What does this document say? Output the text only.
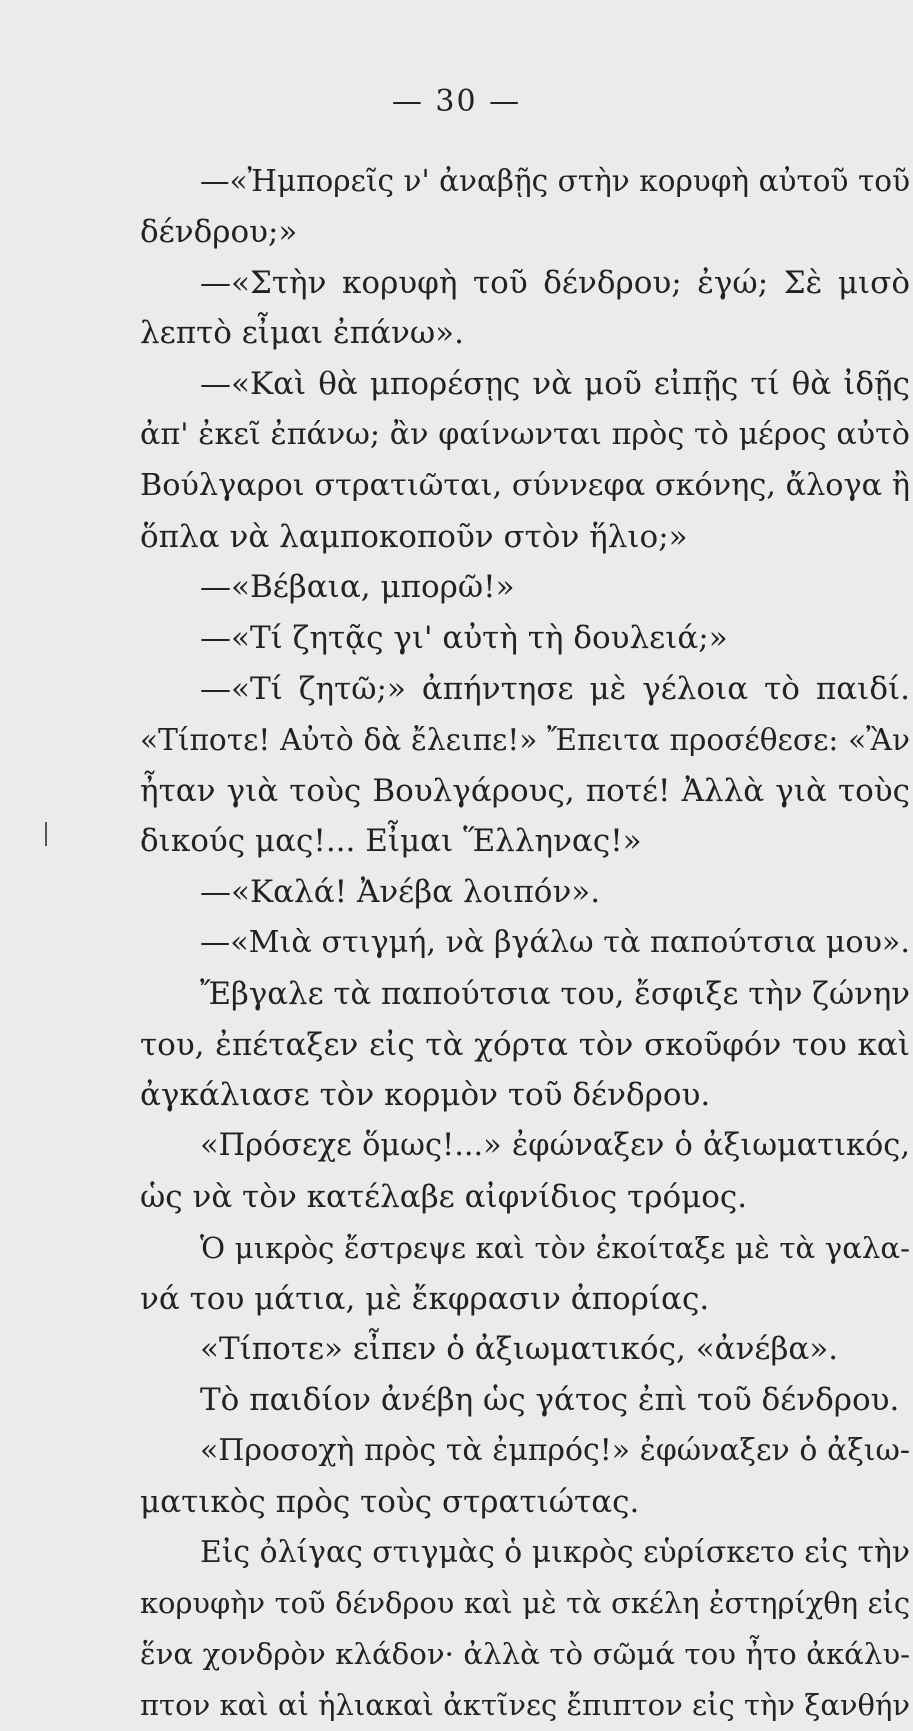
— 30 —
—«Ἠμπορεῖς ν' ἀναβῇς στὴν κορυφὴ αὐτοῦ τοῦ
δένδρου;»
—«Στὴν κορυφὴ τοῦ δένδρου; ἐγώ; Σὲ μισὸ
λεπτὸ εἶμαι ἐπάνω».
—«Καὶ θὰ μπορέσῃς νὰ μοῦ εἰπῇς τί θὰ ἰδῇς
ἀπ' ἐκεῖ ἐπάνω; ἂν φαίνωνται πρὸς τὸ μέρος αὐτὸ
Βούλγαροι στρατιῶται, σύννεφα σκόνης, ἄλογα ἢ
ὅπλα νὰ λαμποκοποῦν στὸν ἥλιο;»
—«Βέβαια, μπορῶ!»
—«Τί ζητᾷς γι' αὐτὴ τὴ δουλειά;»
—«Τί ζητῶ;» ἀπήντησε μὲ γέλοια τὸ παιδί.
«Τίποτε! Αὐτὸ δὰ ἔλειπε!» Ἔπειτα προσέθεσε: «Ἂν
ἦταν γιὰ τοὺς Βουλγάρους, ποτέ! Ἀλλὰ γιὰ τοὺς
δικούς μας!... Εἶμαι Ἕλληνας!»
—«Καλά! Ἀνέβα λοιπόν».
—«Μιὰ στιγμή, νὰ βγάλω τὰ παπούτσια μου».
Ἔβγαλε τὰ παπούτσια του, ἔσφιξε τὴν ζώνην
του, ἐπέταξεν εἰς τὰ χόρτα τὸν σκοῦφόν του καὶ
ἀγκάλιασε τὸν κορμὸν τοῦ δένδρου.
«Πρόσεχε ὅμως!...» ἐφώναξεν ὁ ἀξιωματικός,
ὡς νὰ τὸν κατέλαβε αἰφνίδιος τρόμος.
Ὁ μικρὸς ἔστρεψε καὶ τὸν ἐκοίταξε μὲ τὰ γαλα-
νά του μάτια, μὲ ἔκφρασιν ἀπορίας.
«Τίποτε» εἶπεν ὁ ἀξιωματικός, «ἀνέβα».
Τὸ παιδίον ἀνέβη ὡς γάτος ἐπὶ τοῦ δένδρου.
«Προσοχὴ πρὸς τὰ ἐμπρός!» ἐφώναξεν ὁ ἀξιω-
ματικὸς πρὸς τοὺς στρατιώτας.
Εἰς ὀλίγας στιγμὰς ὁ μικρὸς εὑρίσκετο εἰς τὴν
κορυφὴν τοῦ δένδρου καὶ μὲ τὰ σκέλη ἐστηρίχθη εἰς
ἕνα χονδρὸν κλάδον· ἀλλὰ τὸ σῶμά του ἦτο ἀκάλυ-
πτον καὶ αἱ ἡλιακαὶ ἀκτῖνες ἔπιπτον εἰς τὴν ξανθήν
